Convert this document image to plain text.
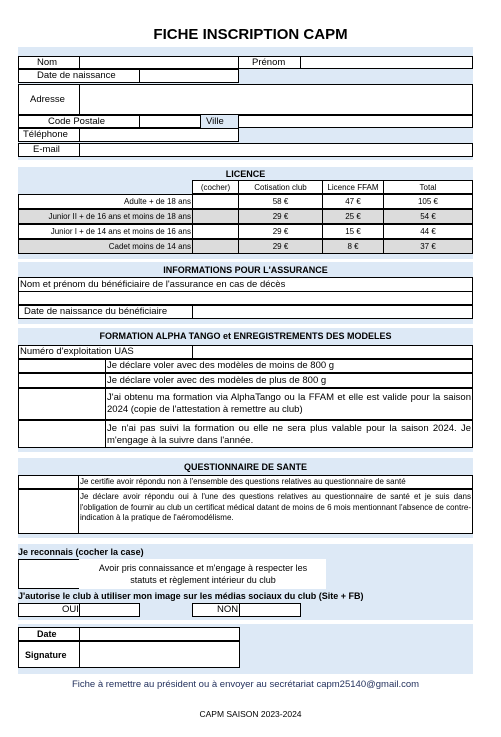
FICHE INSCRIPTION CAPM
Nom	Prénom
Date de naissance
Adresse
Code Postale	Ville
Téléphone
E-mail
LICENCE
(cocher)	Cotisation club	Licence FFAM	Total
Adulte + de 18 ans	58 €	47 €	105 €
Junior II + de 16 ans et moins de 18 ans	29 €	25 €	54 €
Junior I + de 14 ans et moins de 16 ans	29 €	15 €	44 €
Cadet moins de 14 ans	29 €	8 €	37 €
INFORMATIONS POUR L'ASSURANCE
Nom et prénom du bénéficiaire de l'assurance en cas de décès
Date de naissance du bénéficiaire
FORMATION ALPHA TANGO et ENREGISTREMENTS DES MODELES
Numéro d'exploitation UAS
Je déclare voler avec des modèles de moins de 800 g
Je déclare voler avec des modèles de plus de 800 g
J'ai obtenu ma formation via AlphaTango ou la FFAM et elle est valide pour la saison 2024 (copie de l'attestation à remettre au club)
Je n'ai pas suivi la formation ou elle ne sera plus valable pour la saison 2024. Je m'engage à la suivre dans l'année.
QUESTIONNAIRE DE SANTE
Je certifie avoir répondu non à l'ensemble des questions relatives au questionnaire de santé
Je déclare avoir répondu oui à l'une des questions relatives au questionnaire de santé et je suis dans l'obligation de fournir au club un certificat médical datant de moins de 6 mois mentionnant l'absence de contre-indication à la pratique de l'aéromodélisme.
Je reconnais (cocher la case)
Avoir pris connaissance et m'engage à respecter les statuts et règlement intérieur du club
J'autorise le club à utiliser mon image sur les médias sociaux du club (Site + FB)
OUI	NON
Date
Signature
Fiche à remettre au président ou à envoyer au secrétariat capm25140@gmail.com
CAPM SAISON 2023-2024
